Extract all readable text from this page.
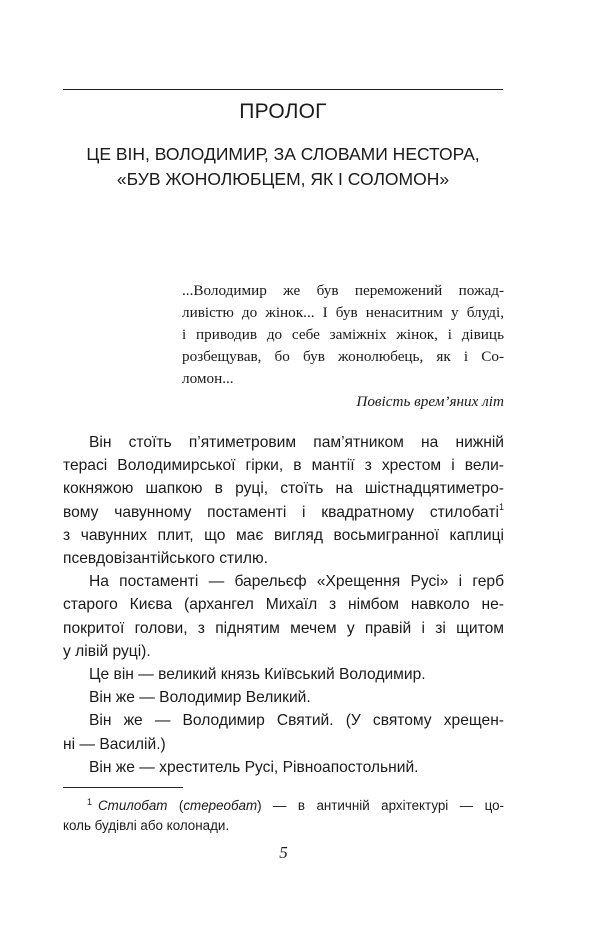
ПРОЛОГ
ЦЕ ВІН, ВОЛОДИМИР, ЗА СЛОВАМИ НЕСТОРА,
«БУВ ЖОНОЛЮБЦЕМ, ЯК І СОЛОМОН»
...Володимир же був переможений пожад-
ливістю до жінок... І був ненаситним у блуді,
і приводив до себе заміжніх жінок, і дівиць
розбещував, бо був жонолюбець, як і Со-
ломон...
Повість врем’яних літ
Він стоїть п’ятиметровим пам’ятником на нижній
терасі Володимирської гірки, в мантії з хрестом і вели-
кокняжою шапкою в руці, стоїть на шістнадцятиметро-
вому чавунному постаменті і квадратному стилобаті$^1$
з чавунних плит, що має вигляд восьмигранної каплиці
псевдовізантійського стилю.
На постаменті — барельєф «Хрещення Русі» і герб
старого Києва (архангел Михаїл з німбом навколо не-
покритої голови, з піднятим мечем у правій і зі щитом
у лівій руці).
Це він — великий князь Київський Володимир.
Він же — Володимир Великий.
Він же — Володимир Святий. (У святому хрещен-
ні — Василій.)
Він же — хреститель Русі, Рівноапостольний.
$^1$ Стилобат (стереобат) — в античній архітектурі — цо-
коль будівлі або колонади.
5
